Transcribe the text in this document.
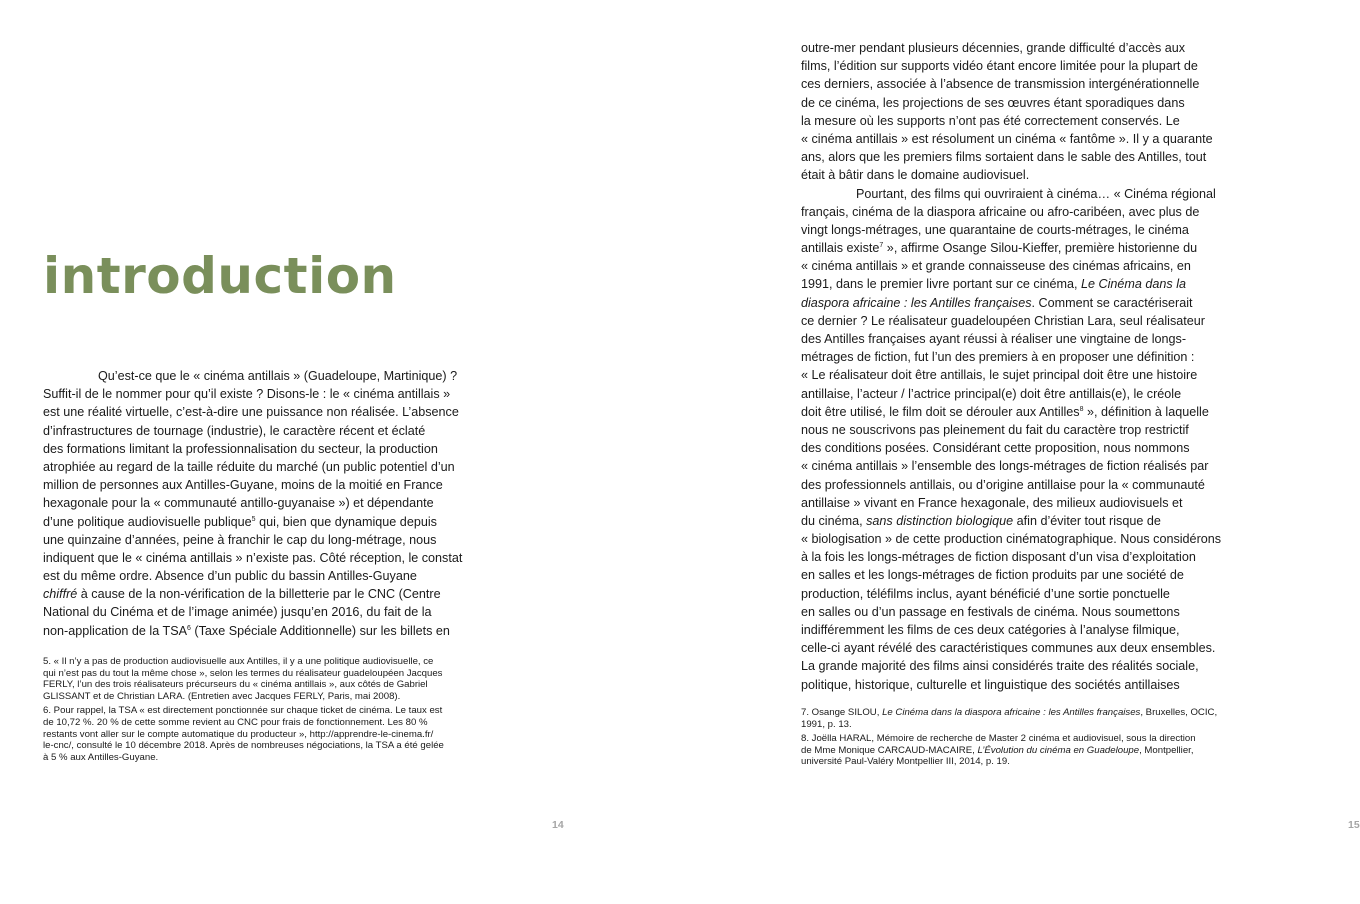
introduction
Qu’est-ce que le « cinéma antillais » (Guadeloupe, Martinique) ?
Suffit-il de le nommer pour qu’il existe ? Disons-le : le « cinéma antillais »
est une réalité virtuelle, c’est-à-dire une puissance non réalisée. L’absence
d’infrastructures de tournage (industrie), le caractère récent et éclaté
des formations limitant la professionnalisation du secteur, la production
atrophiée au regard de la taille réduite du marché (un public potentiel d’un
million de personnes aux Antilles-Guyane, moins de la moitié en France
hexagonale pour la « communauté antillo-guyanaise ») et dépendante
d’une politique audiovisuelle publique$^5$ qui, bien que dynamique depuis
une quinzaine d’années, peine à franchir le cap du long-métrage, nous
indiquent que le « cinéma antillais » n’existe pas. Côté réception, le constat
est du même ordre. Absence d’un public du bassin Antilles-Guyane
chiffré à cause de la non-vérification de la billetterie par le CNC (Centre
National du Cinéma et de l’image animée) jusqu’en 2016, du fait de la
non-application de la TSA$^6$ (Taxe Spéciale Additionnelle) sur les billets en
5. « Il n’y a pas de production audiovisuelle aux Antilles, il y a une politique audiovisuelle, ce
qui n’est pas du tout la même chose », selon les termes du réalisateur guadeloupéen Jacques
FERLY, l’un des trois réalisateurs précurseurs du « cinéma antillais », aux côtés de Gabriel
GLISSANT et de Christian LARA. (Entretien avec Jacques FERLY, Paris, mai 2008).
6. Pour rappel, la TSA « est directement ponctionnée sur chaque ticket de cinéma. Le taux est
de 10,72 %. 20 % de cette somme revient au CNC pour frais de fonctionnement. Les 80 %
restants vont aller sur le compte automatique du producteur », http://apprendre-le-cinema.fr/
le-cnc/, consulté le 10 décembre 2018. Après de nombreuses négociations, la TSA a été gelée
à 5 % aux Antilles-Guyane.
14
outre-mer pendant plusieurs décennies, grande difficulté d’accès aux
films, l’édition sur supports vidéo étant encore limitée pour la plupart de
ces derniers, associée à l’absence de transmission intergénérationnelle
de ce cinéma, les projections de ses œuvres étant sporadiques dans
la mesure où les supports n’ont pas été correctement conservés. Le
« cinéma antillais » est résolument un cinéma « fantôme ». Il y a quarante
ans, alors que les premiers films sortaient dans le sable des Antilles, tout
était à bâtir dans le domaine audiovisuel.
Pourtant, des films qui ouvriraient à cinéma… « Cinéma régional
français, cinéma de la diaspora africaine ou afro-caribéen, avec plus de
vingt longs-métrages, une quarantaine de courts-métrages, le cinéma
antillais existe$^7$ », affirme Osange Silou-Kieffer, première historienne du
« cinéma antillais » et grande connaisseuse des cinémas africains, en
1991, dans le premier livre portant sur ce cinéma, Le Cinéma dans la
diaspora africaine : les Antilles françaises. Comment se caractériserait
ce dernier ? Le réalisateur guadeloupéen Christian Lara, seul réalisateur
des Antilles françaises ayant réussi à réaliser une vingtaine de longs-
métrages de fiction, fut l’un des premiers à en proposer une définition :
« Le réalisateur doit être antillais, le sujet principal doit être une histoire
antillaise, l’acteur / l’actrice principal(e) doit être antillais(e), le créole
doit être utilisé, le film doit se dérouler aux Antilles$^8$ », définition à laquelle
nous ne souscrivons pas pleinement du fait du caractère trop restrictif
des conditions posées. Considérant cette proposition, nous nommons
« cinéma antillais » l’ensemble des longs-métrages de fiction réalisés par
des professionnels antillais, ou d’origine antillaise pour la « communauté
antillaise » vivant en France hexagonale, des milieux audiovisuels et
du cinéma, sans distinction biologique afin d’éviter tout risque de
« biologisation » de cette production cinématographique. Nous considérons
à la fois les longs-métrages de fiction disposant d’un visa d’exploitation
en salles et les longs-métrages de fiction produits par une société de
production, téléfilms inclus, ayant bénéficié d’une sortie ponctuelle
en salles ou d’un passage en festivals de cinéma. Nous soumettons
indifféremment les films de ces deux catégories à l’analyse filmique,
celle-ci ayant révélé des caractéristiques communes aux deux ensembles.
La grande majorité des films ainsi considérés traite des réalités sociale,
politique, historique, culturelle et linguistique des sociétés antillaises
7. Osange SILOU, Le Cinéma dans la diaspora africaine : les Antilles françaises, Bruxelles, OCIC,
1991, p. 13.
8. Joëlla HARAL, Mémoire de recherche de Master 2 cinéma et audiovisuel, sous la direction
de Mme Monique CARCAUD-MACAIRE, L’Évolution du cinéma en Guadeloupe, Montpellier,
université Paul-Valéry Montpellier III, 2014, p. 19.
15
